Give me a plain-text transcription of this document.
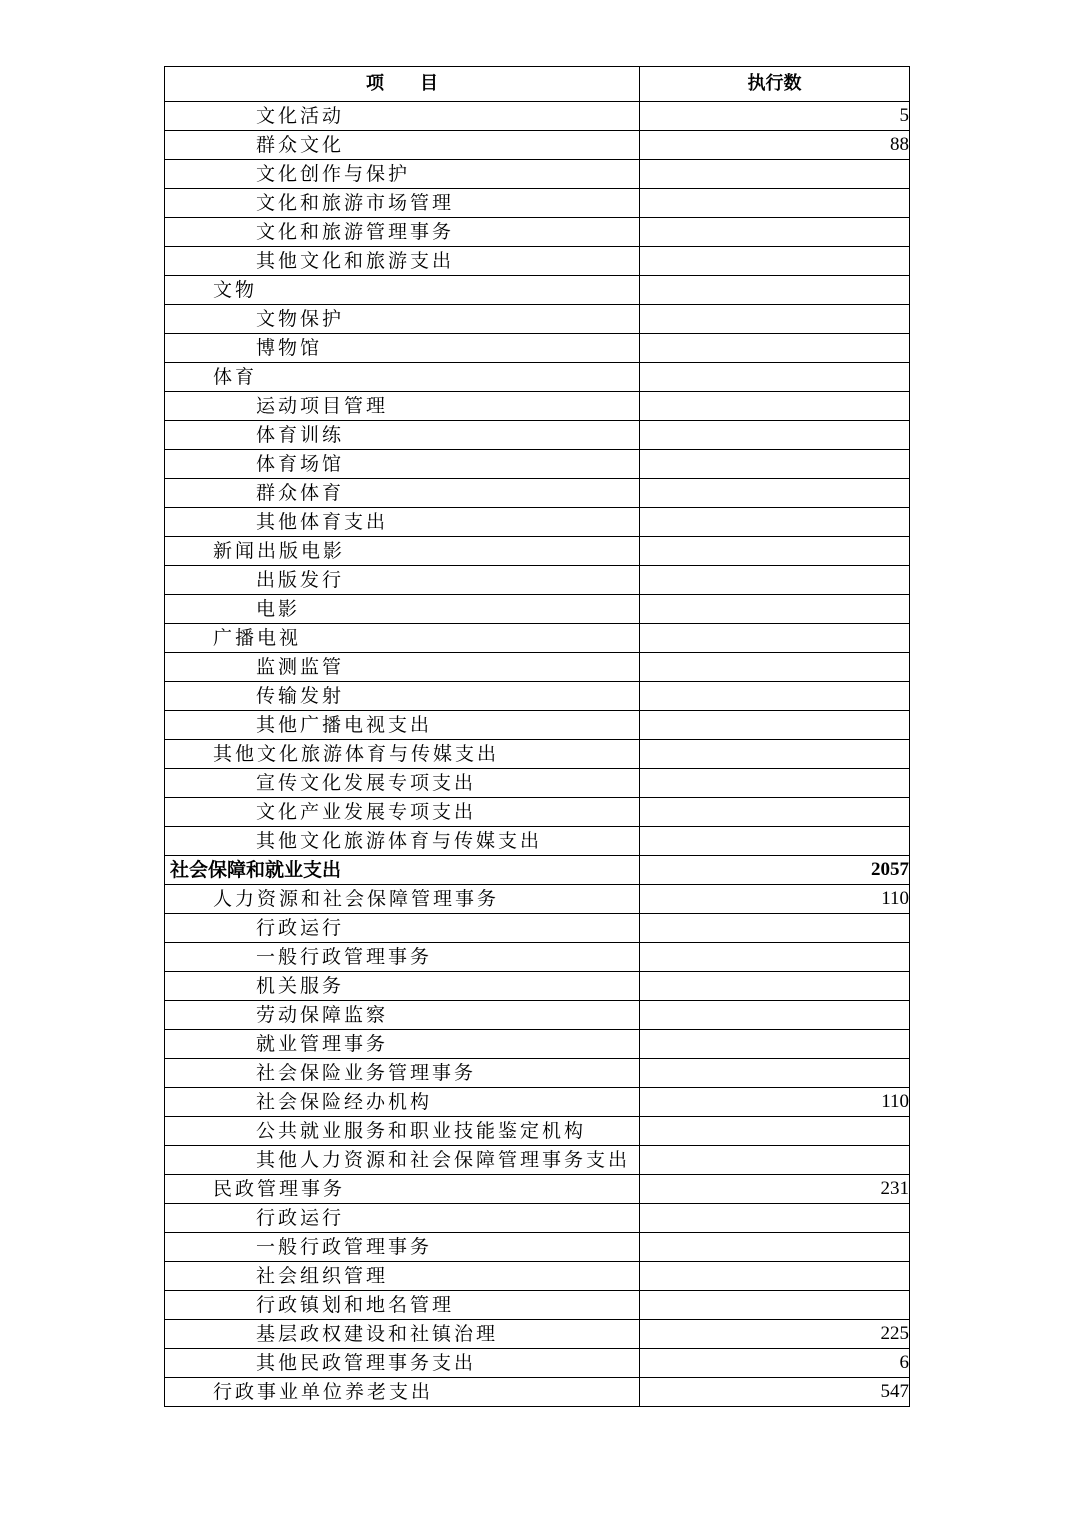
项　　目	执行数
文化活动	5
群众文化	88
文化创作与保护	
文化和旅游市场管理	
文化和旅游管理事务	
其他文化和旅游支出	
文物	
文物保护	
博物馆	
体育	
运动项目管理	
体育训练	
体育场馆	
群众体育	
其他体育支出	
新闻出版电影	
出版发行	
电影	
广播电视	
监测监管	
传输发射	
其他广播电视支出	
其他文化旅游体育与传媒支出	
宣传文化发展专项支出	
文化产业发展专项支出	
其他文化旅游体育与传媒支出	
社会保障和就业支出	2057
人力资源和社会保障管理事务	110
行政运行	
一般行政管理事务	
机关服务	
劳动保障监察	
就业管理事务	
社会保险业务管理事务	
社会保险经办机构	110
公共就业服务和职业技能鉴定机构	
其他人力资源和社会保障管理事务支出	
民政管理事务	231
行政运行	
一般行政管理事务	
社会组织管理	
行政镇划和地名管理	
基层政权建设和社镇治理	225
其他民政管理事务支出	6
行政事业单位养老支出	547
